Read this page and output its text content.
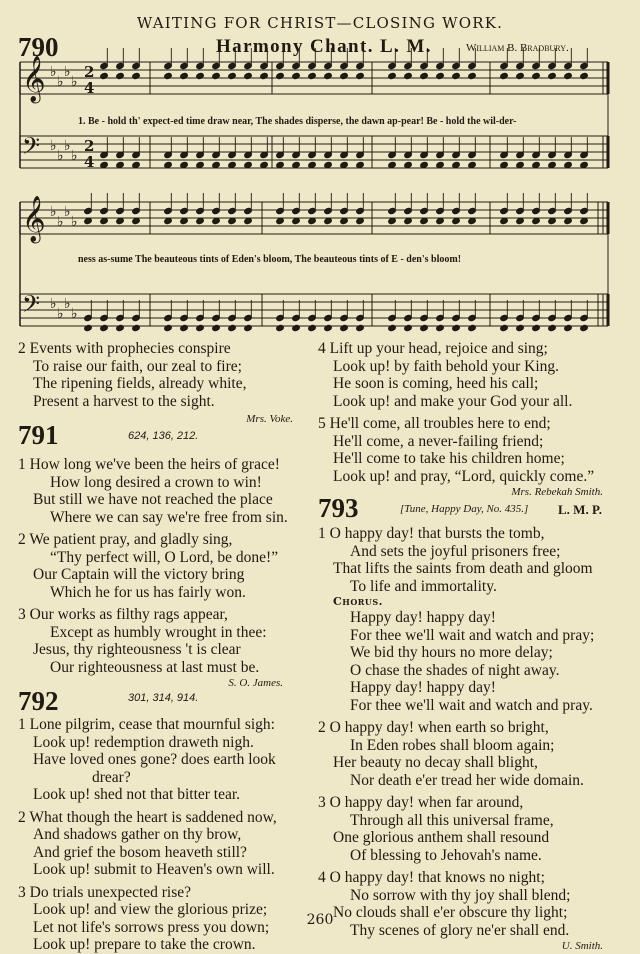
WAITING FOR CHRIST—CLOSING WORK.
790	Harmony Chant. L. M.	William B. Bradbury.
𝄞 ♭
♭
♭
♭
2
4
𝄢 ♭
♭
♭
♭
2
4
𝄞 ♭
♭
♭
♭
𝄢 ♭
♭
♭
♭
1. Be - hold th' expect-ed time draw near, The shades disperse, the dawn ap-pear! Be - hold the wil-der-
ness as-sume The beauteous tints of Eden's bloom, The beauteous tints of E - den's bloom!
2 Events with prophecies conspire
To raise our faith, our zeal to fire;
The ripening fields, already white,
Present a harvest to the sight.
Mrs. Voke.
791	624, 136, 212.
1 How long we've been the heirs of grace!
How long desired a crown to win!
But still we have not reached the place
Where we can say we're free from sin.
2 We patient pray, and gladly sing,
“Thy perfect will, O Lord, be done!”
Our Captain will the victory bring
Which he for us has fairly won.
3 Our works as filthy rags appear,
Except as humbly wrought in thee:
Jesus, thy righteousness 't is clear
Our righteousness at last must be.
S. O. James.
792	301, 314, 914.
1 Lone pilgrim, cease that mournful sigh:
Look up! redemption draweth nigh.
Have loved ones gone? does earth look
drear?
Look up! shed not that bitter tear.
2 What though the heart is saddened now,
And shadows gather on thy brow,
And grief the bosom heaveth still?
Look up! submit to Heaven's own will.
3 Do trials unexpected rise?
Look up! and view the glorious prize;
Let not life's sorrows press you down;
Look up! prepare to take the crown.
4 Lift up your head, rejoice and sing;
Look up! by faith behold your King.
He soon is coming, heed his call;
Look up! and make your God your all.
5 He'll come, all troubles here to end;
He'll come, a never-failing friend;
He'll come to take his children home;
Look up! and pray, “Lord, quickly come.”
Mrs. Rebekah Smith.
793	[Tune, Happy Day, No. 435.] L. M. P.
1 O happy day! that bursts the tomb,
And sets the joyful prisoners free;
That lifts the saints from death and gloom
To life and immortality.
Chorus.
Happy day! happy day!
For thee we'll wait and watch and pray;
We bid thy hours no more delay;
O chase the shades of night away.
Happy day! happy day!
For thee we'll wait and watch and pray.
2 O happy day! when earth so bright,
In Eden robes shall bloom again;
Her beauty no decay shall blight,
Nor death e'er tread her wide domain.
3 O happy day! when far around,
Through all this universal frame,
One glorious anthem shall resound
Of blessing to Jehovah's name.
4 O happy day! that knows no night;
No sorrow with thy joy shall blend;
No clouds shall e'er obscure thy light;
Thy scenes of glory ne'er shall end.
U. Smith.
260
